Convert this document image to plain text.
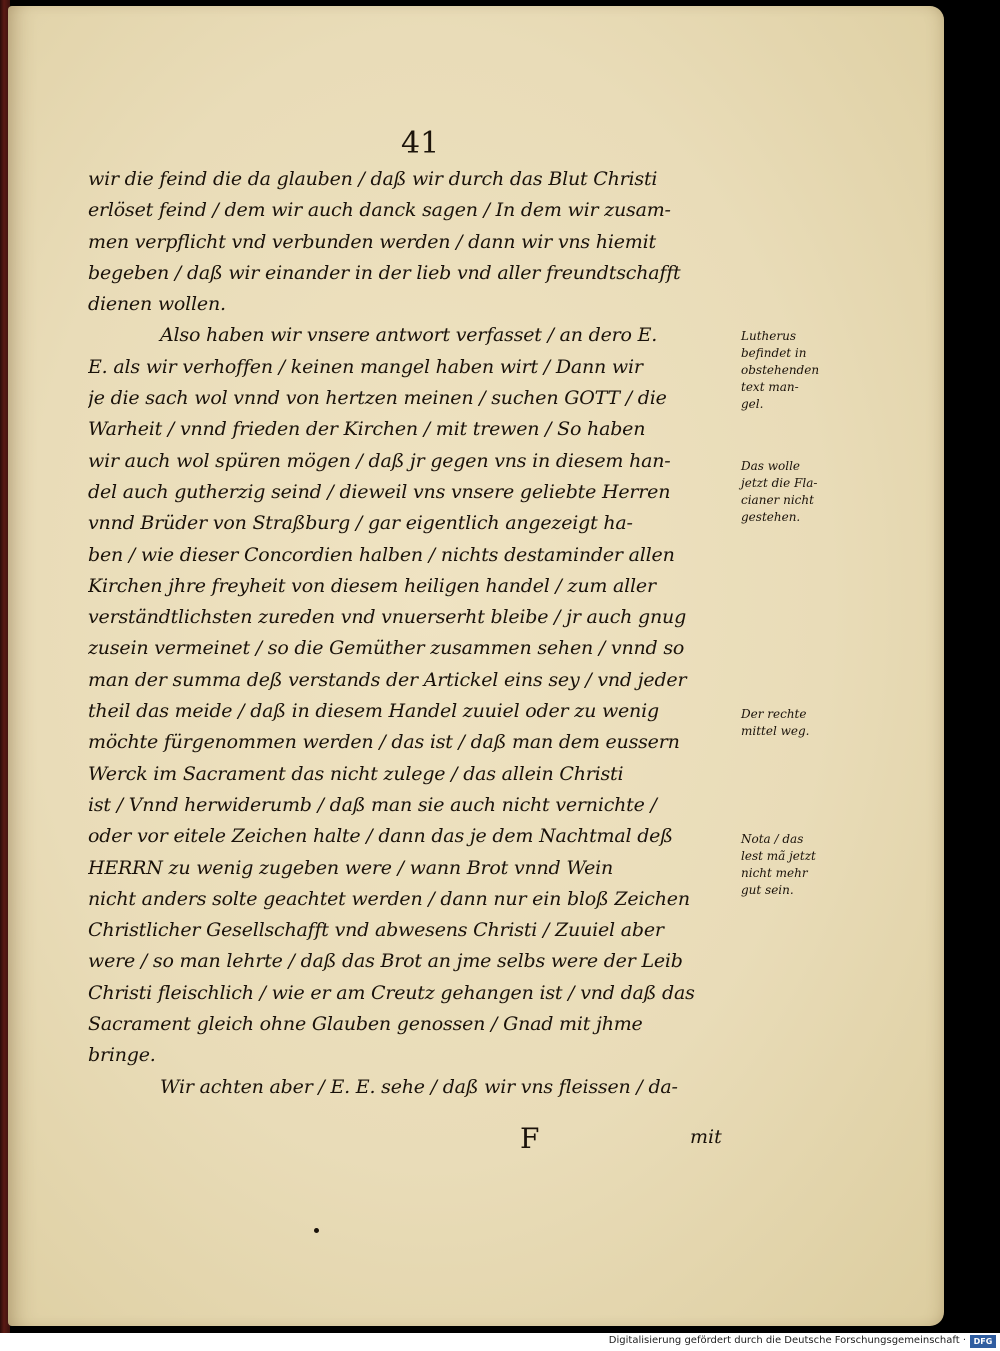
41
wir die feind die da glauben / daß wir durch das Blut Christi
erlöset feind / dem wir auch danck sagen / In dem wir zusam-
men verpflicht vnd verbunden werden / dann wir vns hiemit
begeben / daß wir einander in der lieb vnd aller freundtschafft
dienen wollen.
Also haben wir vnsere antwort verfasset / an dero E.
E. als wir verhoffen / keinen mangel haben wirt / Dann wir
je die sach wol vnnd von hertzen meinen / suchen GOTT / die
Warheit / vnnd frieden der Kirchen / mit trewen / So haben
wir auch wol spüren mögen / daß jr gegen vns in diesem han-
del auch gutherzig seind / dieweil vns vnsere geliebte Herren
vnnd Brüder von Straßburg / gar eigentlich angezeigt ha-
ben / wie dieser Concordien halben / nichts destaminder allen
Kirchen jhre freyheit von diesem heiligen handel / zum aller
verständtlichsten zureden vnd vnuerserht bleibe / jr auch gnug
zusein vermeinet / so die Gemüther zusammen sehen / vnnd so
man der summa deß verstands der Artickel eins sey / vnd jeder
theil das meide / daß in diesem Handel zuuiel oder zu wenig
möchte fürgenommen werden / das ist / daß man dem eussern
Werck im Sacrament das nicht zulege / das allein Christi
ist / Vnnd herwiderumb / daß man sie auch nicht vernichte /
oder vor eitele Zeichen halte / dann das je dem Nachtmal deß
HERRN zu wenig zugeben were / wann Brot vnnd Wein
nicht anders solte geachtet werden / dann nur ein bloß Zeichen
Christlicher Gesellschafft vnd abwesens Christi / Zuuiel aber
were / so man lehrte / daß das Brot an jme selbs were der Leib
Christi fleischlich / wie er am Creutz gehangen ist / vnd daß das
Sacrament gleich ohne Glauben genossen / Gnad mit jhme
bringe.
Wir achten aber / E. E. sehe / daß wir vns fleissen / da-
Lutherus
befindet in
obstehenden
text man-
gel.
Das wolle
jetzt die Fla-
cianer nicht
gestehen.
Der rechte
mittel weg.
Nota / das
lest mã jetzt
nicht mehr
gut sein.
F	mit
Digitalisierung gefördert durch die Deutsche Forschungsgemeinschaft · DFG
